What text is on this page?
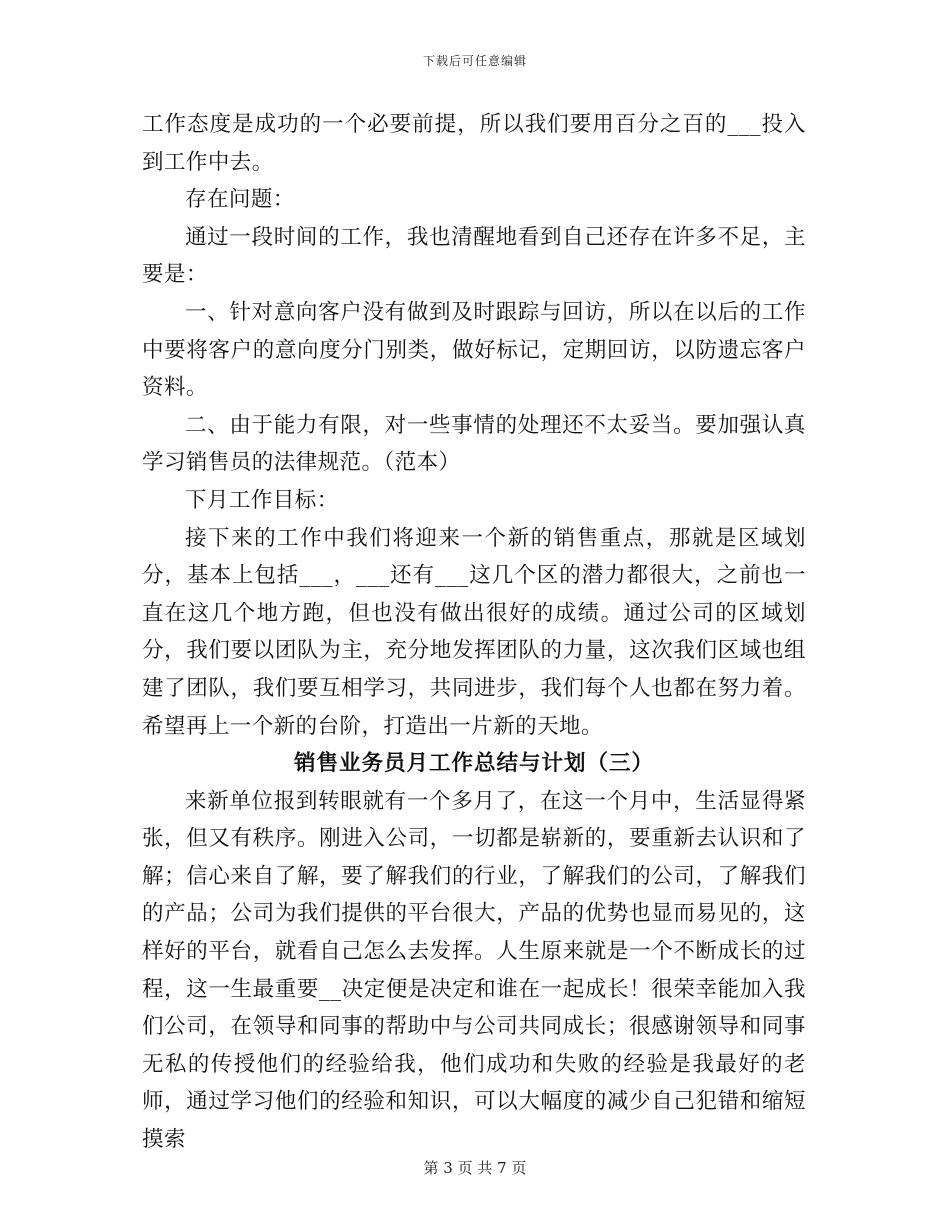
下载后可任意编辑

工作态度是成功的一个必要前提，所以我们要用百分之百的___投入到工作中去。

存在问题：

通过一段时间的工作，我也清醒地看到自己还存在许多不足，主要是：

一、针对意向客户没有做到及时跟踪与回访，所以在以后的工作中要将客户的意向度分门别类，做好标记，定期回访，以防遗忘客户资料。

二、由于能力有限，对一些事情的处理还不太妥当。要加强认真学习销售员的法律规范。（范本）

下月工作目标：

接下来的工作中我们将迎来一个新的销售重点，那就是区域划分，基本上包括___，___还有___这几个区的潜力都很大，之前也一直在这几个地方跑，但也没有做出很好的成绩。通过公司的区域划分，我们要以团队为主，充分地发挥团队的力量，这次我们区域也组建了团队，我们要互相学习，共同进步，我们每个人也都在努力着。希望再上一个新的台阶，打造出一片新的天地。

销售业务员月工作总结与计划（三）

来新单位报到转眼就有一个多月了，在这一个月中，生活显得紧张，但又有秩序。刚进入公司，一切都是崭新的，要重新去认识和了解；信心来自了解，要了解我们的行业，了解我们的公司，了解我们的产品；公司为我们提供的平台很大，产品的优势也显而易见的，这样好的平台，就看自己怎么去发挥。人生原来就是一个不断成长的过程，这一生最重要__决定便是决定和谁在一起成长！很荣幸能加入我们公司，在领导和同事的帮助中与公司共同成长；很感谢领导和同事无私的传授他们的经验给我，他们成功和失败的经验是我最好的老师，通过学习他们的经验和知识，可以大幅度的减少自己犯错和缩短摸索

第 3 页 共 7 页
